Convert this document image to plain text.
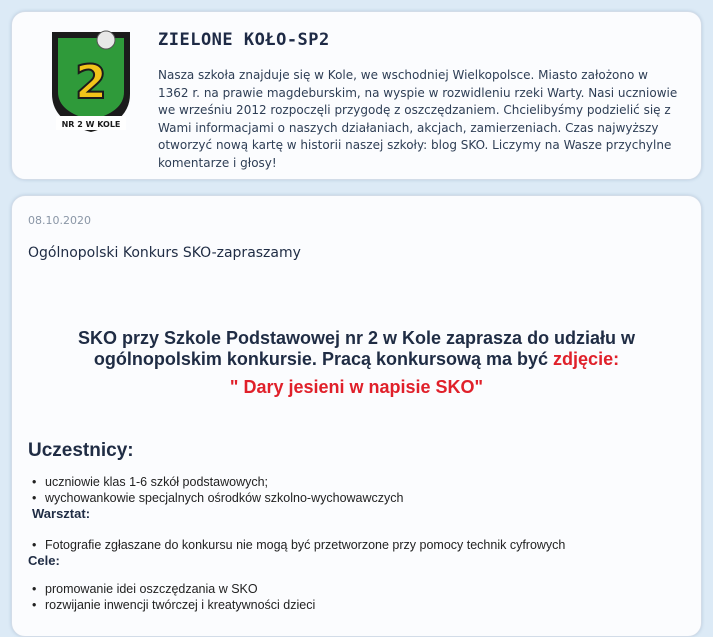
2
NR 2 W KOLE
ZIELONE KOŁO-SP2
Nasza szkoła znajduje się w Kole, we wschodniej Wielkopolsce. Miasto założono w 1362 r. na prawie magdeburskim, na wyspie w rozwidleniu rzeki Warty. Nasi uczniowie we wrześniu 2012 rozpoczęli przygodę z oszczędzaniem. Chcielibyśmy podzielić się z Wami informacjami o naszych działaniach, akcjach, zamierzeniach. Czas najwyższy otworzyć nową kartę w historii naszej szkoły: blog SKO. Liczymy na Wasze przychylne komentarze i głosy!
08.10.2020
Ogólnopolski Konkurs SKO-zapraszamy
SKO przy Szkole Podstawowej nr 2 w Kole zaprasza do udziału w
ogólnopolskim konkursie. Pracą konkursową ma być zdjęcie:
" Dary jesieni w napisie SKO"
Uczestnicy:
• uczniowie klas 1-6 szkół podstawowych;
• wychowankowie specjalnych ośrodków szkolno-wychowawczych
Warsztat:
• Fotografie zgłaszane do konkursu nie mogą być przetworzone przy pomocy technik cyfrowych
Cele:
• promowanie idei oszczędzania w SKO
• rozwijanie inwencji twórczej i kreatywności dzieci
